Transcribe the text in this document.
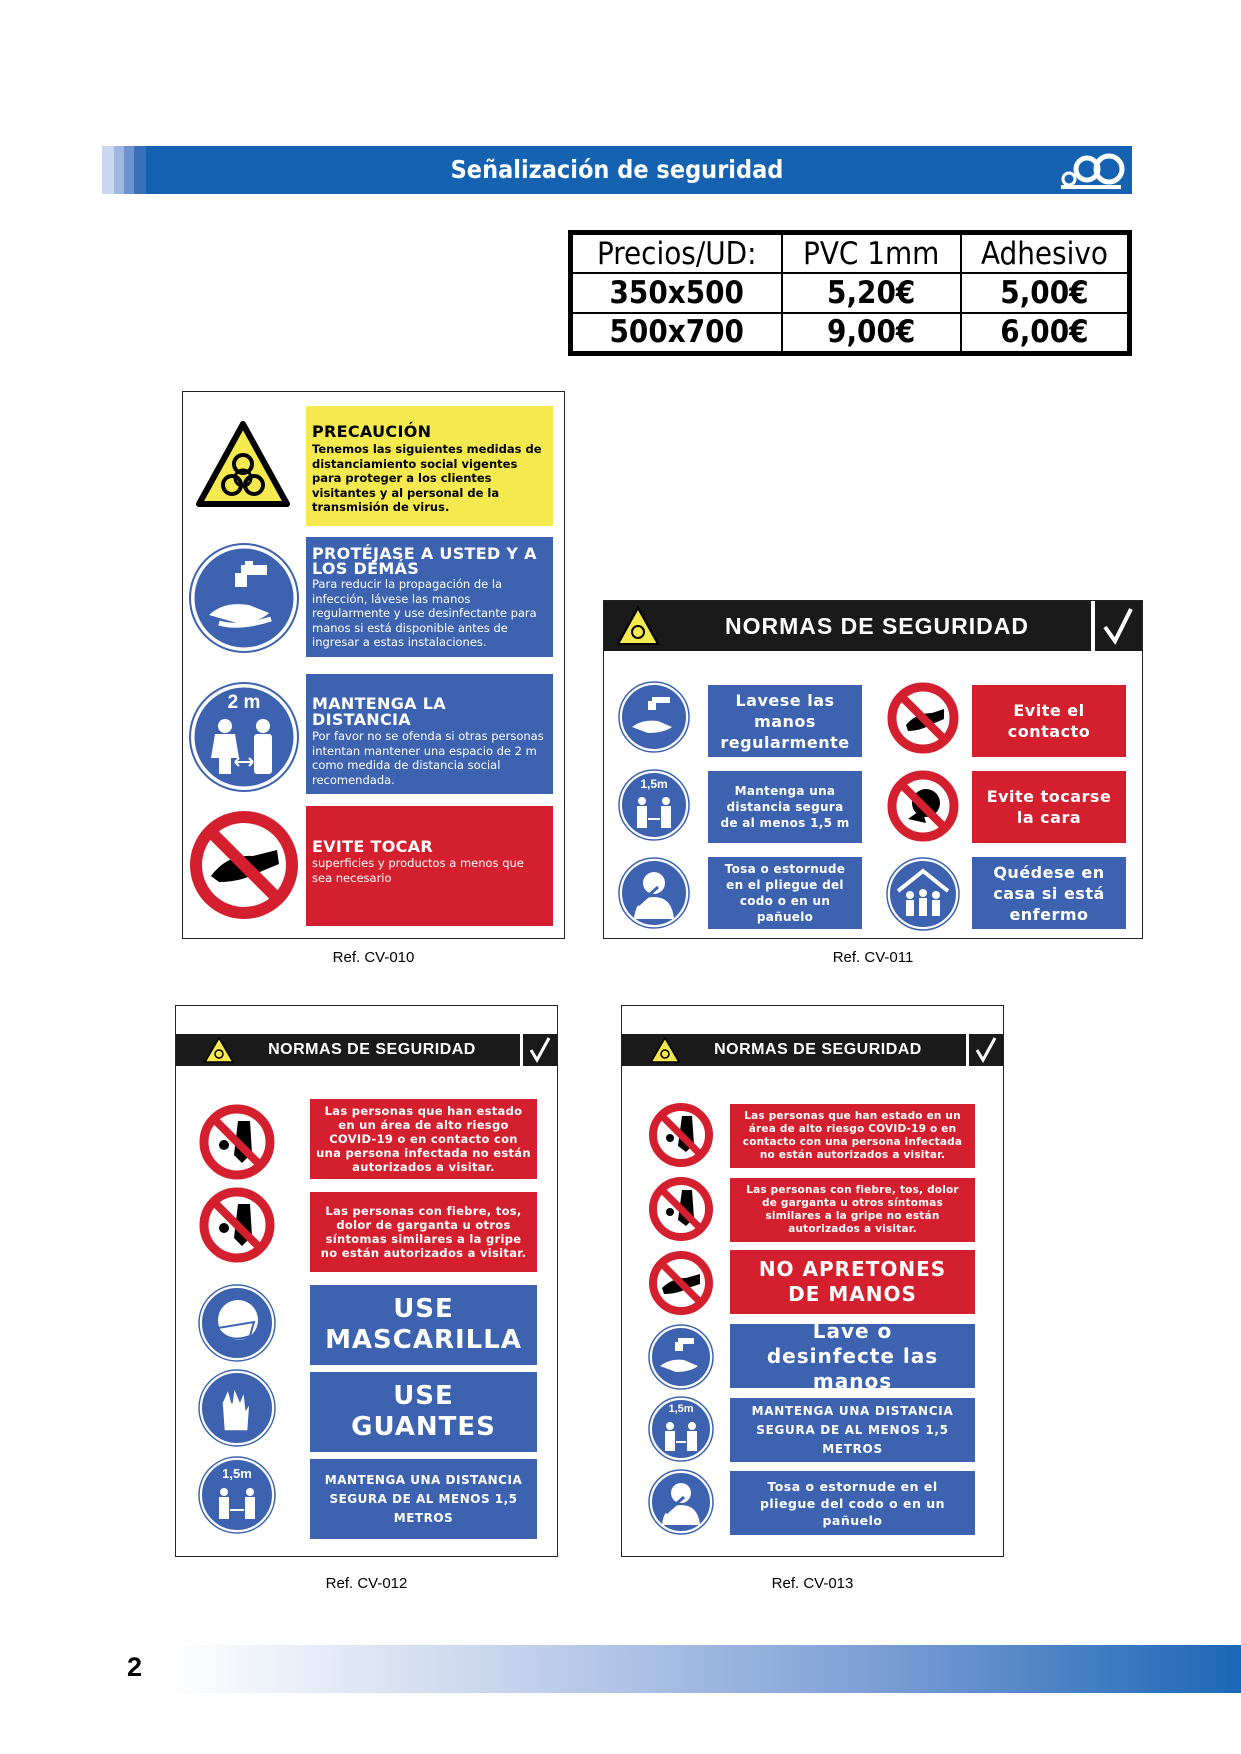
Señalización de seguridad
Precios/UD:	PVC 1mm	Adhesivo
350x500	5,20€	5,00€
500x700	9,00€	6,00€
PRECAUCIÓN
Tenemos las siguientes medidas de distanciamiento social vigentes para proteger a los clientes visitantes y al personal de la transmisión de virus.
PROTÉJASE A USTED Y A LOS DEMÁS
Para reducir la propagación de la infección, lávese las manos regularmente y use desinfectante para manos si está disponible antes de ingresar a estas instalaciones.
2 m	MANTENGA LA DISTANCIA
Por favor no se ofenda si otras personas intentan mantener una espacio de 2 m como medida de distancia social recomendada.
EVITE TOCAR
superficies y productos a menos que sea necesario
Ref. CV-010
NORMAS DE SEGURIDAD
Lavese las manos regularmente
1,5m	Mantenga una distancia segura de al menos 1,5 m
Tosa o estornude en el pliegue del codo o en un pañuelo
Evite el contacto
Evite tocarse la cara
Quédese en casa si está enfermo
Ref. CV-011
NORMAS DE SEGURIDAD
Las personas que han estado en un área de alto riesgo COVID-19 o en contacto con una persona infectada no están autorizados a visitar.
Las personas con fiebre, tos, dolor de garganta u otros síntomas similares a la gripe no están autorizados a visitar.
USE MASCARILLA
USE GUANTES
1,5m	MANTENGA UNA DISTANCIA SEGURA DE AL MENOS 1,5 METROS
Ref. CV-012
NORMAS DE SEGURIDAD
Las personas que han estado en un área de alto riesgo COVID-19 o en contacto con una persona infectada no están autorizados a visitar.
Las personas con fiebre, tos, dolor de garganta u otros síntomas similares a la gripe no están autorizados a visitar.
NO APRETONES DE MANOS
Lave o desinfecte las manos
1,5m	MANTENGA UNA DISTANCIA SEGURA DE AL MENOS 1,5 METROS
Tosa o estornude en el pliegue del codo o en un pañuelo
Ref. CV-013
2
